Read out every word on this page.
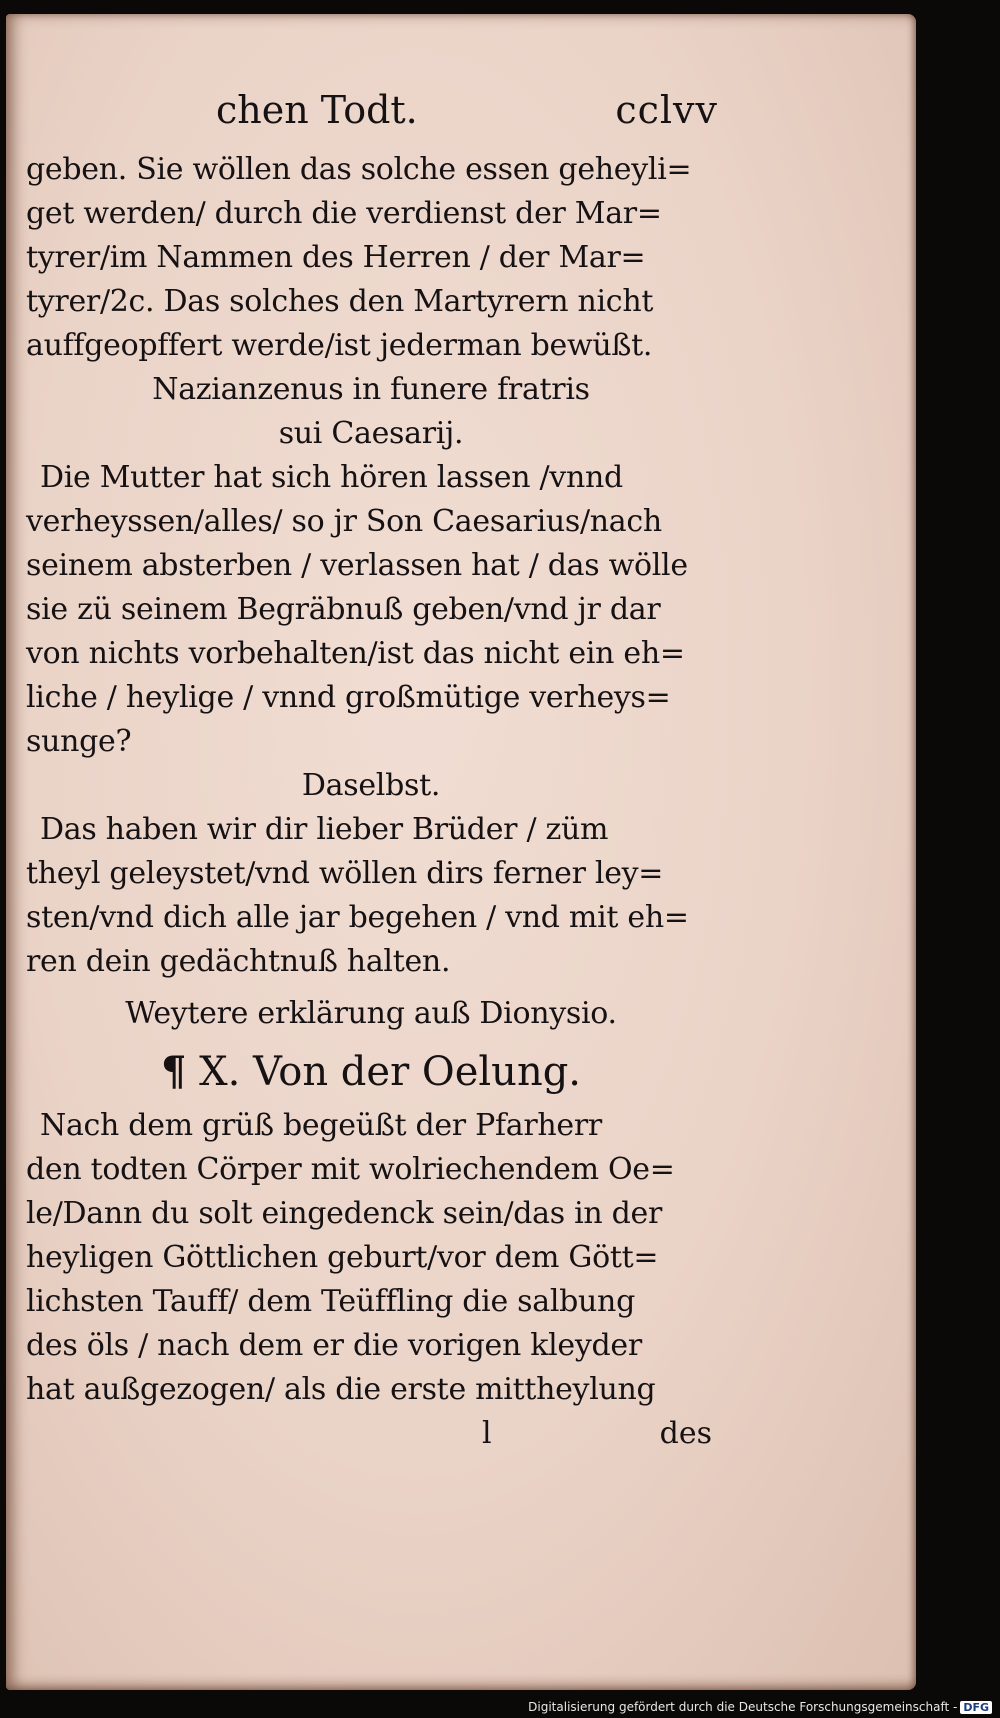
chen Todt.	cclvv
geben. Sie wöllen das solche essen geheyli=
get werden/ durch die verdienst der Mar=
tyrer/im Nammen des Herren / der Mar=
tyrer/2c. Das solches den Martyrern nicht
auffgeopffert werde/ist jederman bewüßt.
Nazianzenus in funere fratris
sui Caesarij.
Die Mutter hat sich hören lassen /vnnd
verheyssen/alles/ so jr Son Caesarius/nach
seinem absterben / verlassen hat / das wölle
sie zü seinem Begräbnuß geben/vnd jr dar
von nichts vorbehalten/ist das nicht ein eh=
liche / heylige / vnnd großmütige verheys=
sunge?
Daselbst.
Das haben wir dir lieber Brüder / züm
theyl geleystet/vnd wöllen dirs ferner ley=
sten/vnd dich alle jar begehen / vnd mit eh=
ren dein gedächtnuß halten.
Weytere erklärung auß Dionysio.
¶ X. Von der Oelung.
Nach dem grüß begeüßt der Pfarherr
den todten Cörper mit wolriechendem Oe=
le/Dann du solt eingedenck sein/das in der
heyligen Göttlichen geburt/vor dem Gött=
lichsten Tauff/ dem Teüffling die salbung
des öls / nach dem er die vorigen kleyder
hat außgezogen/ als die erste mittheylung
l	des
Digitalisierung gefördert durch die Deutsche Forschungsgemeinschaft - DFG
